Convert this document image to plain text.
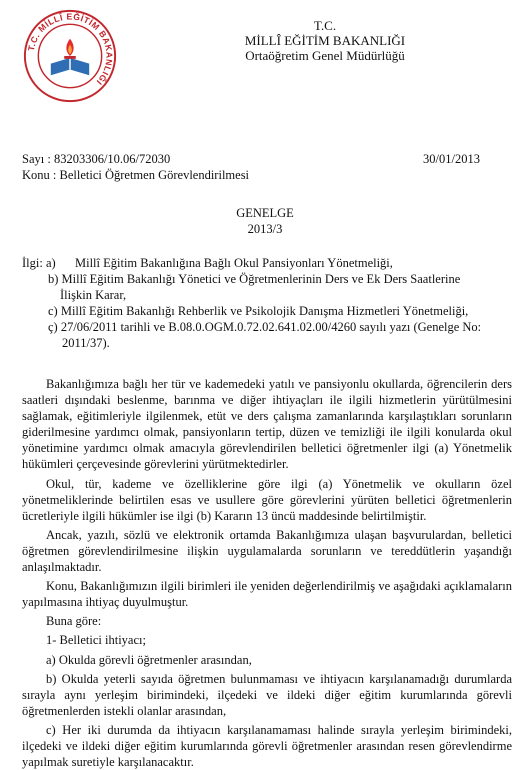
T.C. MİLLÎ EĞİTİM BAKANLIĞI
T.C.
MİLLÎ EĞİTİM BAKANLIĞI
Ortaöğretim Genel Müdürlüğü
Sayı : 83203306/10.06/72030	30/01/2013
Konu : Belletici Öğretmen Görevlendirilmesi
GENELGE
2013/3
İlgi: a)	Millî Eğitim Bakanlığına Bağlı Okul Pansiyonları Yönetmeliği,
b) Millî Eğitim Bakanlığı Yönetici ve Öğretmenlerinin Ders ve Ek Ders Saatlerine
İlişkin Karar,
c) Millî Eğitim Bakanlığı Rehberlik ve Psikolojik Danışma Hizmetleri Yönetmeliği,
ç) 27/06/2011 tarihli ve B.08.0.OGM.0.72.02.641.02.00/4260 sayılı yazı (Genelge No:
2011/37).

Bakanlığımıza bağlı her tür ve kademedeki yatılı ve pansiyonlu okullarda, öğrencilerin ders saatleri dışındaki beslenme, barınma ve diğer ihtiyaçları ile ilgili hizmetlerin yürütülmesini sağlamak, eğitimleriyle ilgilenmek, etüt ve ders çalışma zamanlarında karşılaştıkları sorunların giderilmesine yardımcı olmak, pansiyonların tertip, düzen ve temizliği ile ilgili konularda okul yönetimine yardımcı olmak amacıyla görevlendirilen belletici öğretmenler ilgi (a) Yönetmelik hükümleri çerçevesinde görevlerini yürütmektedirler.

Okul, tür, kademe ve özelliklerine göre ilgi (a) Yönetmelik ve okulların özel yönetmeliklerinde belirtilen esas ve usullere göre görevlerini yürüten belletici öğretmenlerin ücretleriyle ilgili hükümler ise ilgi (b) Kararın 13 üncü maddesinde belirtilmiştir.

Ancak, yazılı, sözlü ve elektronik ortamda Bakanlığımıza ulaşan başvurulardan, belletici öğretmen görevlendirilmesine ilişkin uygulamalarda sorunların ve tereddütlerin yaşandığı anlaşılmaktadır.

Konu, Bakanlığımızın ilgili birimleri ile yeniden değerlendirilmiş ve aşağıdaki açıklamaların yapılmasına ihtiyaç duyulmuştur.

Buna göre:

1- Belletici ihtiyacı;

a) Okulda görevli öğretmenler arasından,

b) Okulda yeterli sayıda öğretmen bulunmaması ve ihtiyacın karşılanamadığı durumlarda sırayla aynı yerleşim birimindeki, ilçedeki ve ildeki diğer eğitim kurumlarında görevli öğretmenlerden istekli olanlar arasından,

c) Her iki durumda da ihtiyacın karşılanamaması halinde sırayla yerleşim birimindeki, ilçedeki ve ildeki diğer eğitim kurumlarında görevli öğretmenler arasından resen görevlendirme yapılmak suretiyle karşılanacaktır.
